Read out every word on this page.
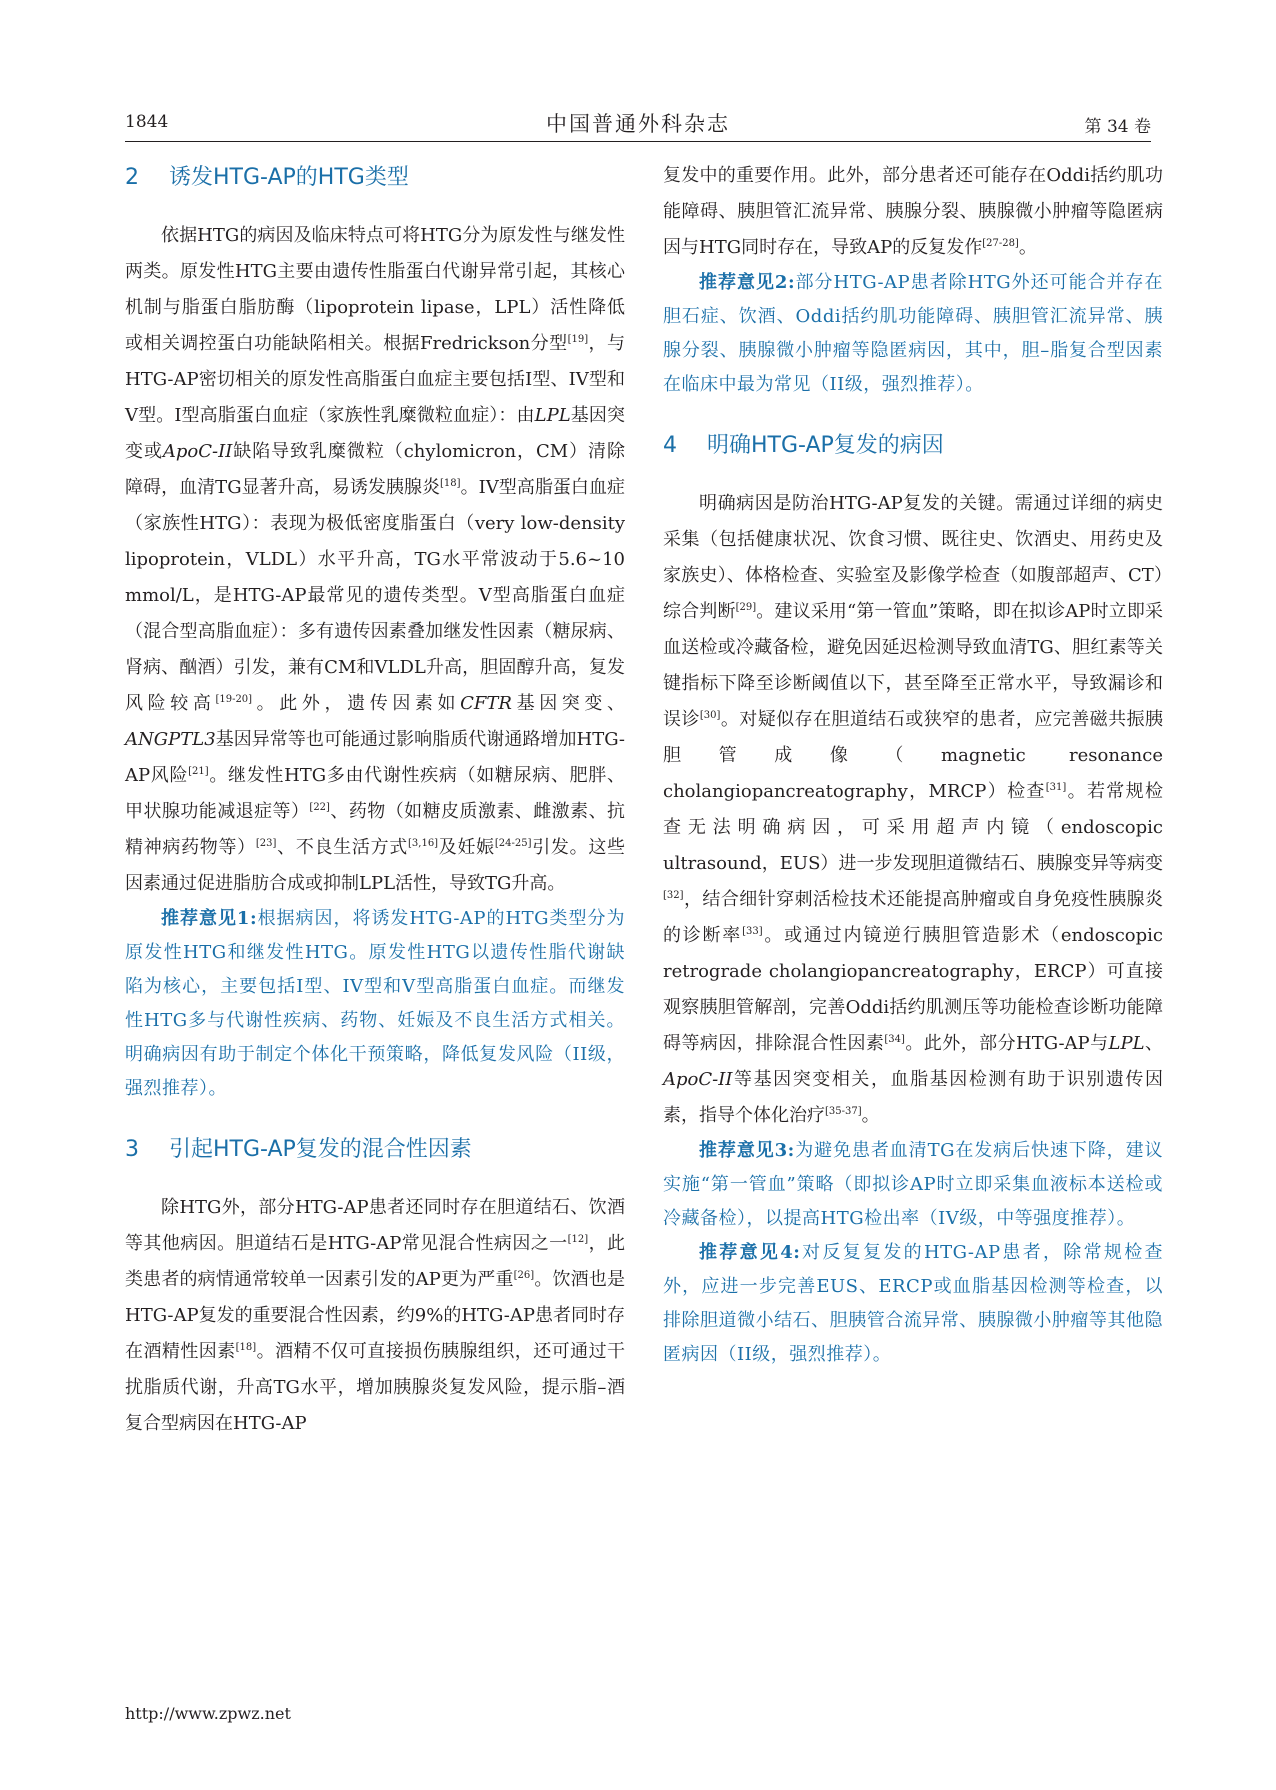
1844	中国普通外科杂志	第 34 卷
2 诱发HTG-AP的HTG类型

依据HTG的病因及临床特点可将HTG分为原发性与继发性两类。原发性HTG主要由遗传性脂蛋白代谢异常引起，其核心机制与脂蛋白脂肪酶（lipoprotein lipase，LPL）活性降低或相关调控蛋白功能缺陷相关。根据Fredrickson分型[19]，与HTG-AP密切相关的原发性高脂蛋白血症主要包括I型、IV型和V型。I型高脂蛋白血症（家族性乳糜微粒血症）：由LPL基因突变或ApoC-II缺陷导致乳糜微粒（chylomicron，CM）清除障碍，血清TG显著升高，易诱发胰腺炎[18]。IV型高脂蛋白血症（家族性HTG）：表现为极低密度脂蛋白（very low-density lipoprotein，VLDL）水平升高，TG水平常波动于5.6~10 mmol/L，是HTG-AP最常见的遗传类型。V型高脂蛋白血症（混合型高脂血症）：多有遗传因素叠加继发性因素（糖尿病、肾病、酗酒）引发，兼有CM和VLDL升高，胆固醇升高，复发风险较高[19-20]。此外，遗传因素如CFTR基因突变、ANGPTL3基因异常等也可能通过影响脂质代谢通路增加HTG-AP风险[21]。继发性HTG多由代谢性疾病（如糖尿病、肥胖、甲状腺功能减退症等）[22]、药物（如糖皮质激素、雌激素、抗精神病药物等）[23]、不良生活方式[3,16]及妊娠[24-25]引发。这些因素通过促进脂肪合成或抑制LPL活性，导致TG升高。

推荐意见1:根据病因，将诱发HTG-AP的HTG类型分为原发性HTG和继发性HTG。原发性HTG以遗传性脂代谢缺陷为核心，主要包括I型、IV型和V型高脂蛋白血症。而继发性HTG多与代谢性疾病、药物、妊娠及不良生活方式相关。明确病因有助于制定个体化干预策略，降低复发风险（II级，强烈推荐）。

3 引起HTG-AP复发的混合性因素

除HTG外，部分HTG-AP患者还同时存在胆道结石、饮酒等其他病因。胆道结石是HTG-AP常见混合性病因之一[12]，此类患者的病情通常较单一因素引发的AP更为严重[26]。饮酒也是HTG-AP复发的重要混合性因素，约9%的HTG-AP患者同时存在酒精性因素[18]。酒精不仅可直接损伤胰腺组织，还可通过干扰脂质代谢，升高TG水平，增加胰腺炎复发风险，提示脂–酒复合型病因在HTG-AP

复发中的重要作用。此外，部分患者还可能存在Oddi括约肌功能障碍、胰胆管汇流异常、胰腺分裂、胰腺微小肿瘤等隐匿病因与HTG同时存在，导致AP的反复发作[27-28]。

推荐意见2:部分HTG-AP患者除HTG外还可能合并存在胆石症、饮酒、Oddi括约肌功能障碍、胰胆管汇流异常、胰腺分裂、胰腺微小肿瘤等隐匿病因，其中，胆–脂复合型因素在临床中最为常见（II级，强烈推荐）。

4 明确HTG-AP复发的病因

明确病因是防治HTG-AP复发的关键。需通过详细的病史采集（包括健康状况、饮食习惯、既往史、饮酒史、用药史及家族史）、体格检查、实验室及影像学检查（如腹部超声、CT）综合判断[29]。建议采用“第一管血”策略，即在拟诊AP时立即采血送检或冷藏备检，避免因延迟检测导致血清TG、胆红素等关键指标下降至诊断阈值以下，甚至降至正常水平，导致漏诊和误诊[30]。对疑似存在胆道结石或狭窄的患者，应完善磁共振胰胆管成像（magnetic resonance cholangiopancreatography，MRCP）检查[31]。若常规检查无法明确病因，可采用超声内镜（endoscopic ultrasound，EUS）进一步发现胆道微结石、胰腺变异等病变[32]，结合细针穿刺活检技术还能提高肿瘤或自身免疫性胰腺炎的诊断率[33]。或通过内镜逆行胰胆管造影术（endoscopic retrograde cholangiopancreatography，ERCP）可直接观察胰胆管解剖，完善Oddi括约肌测压等功能检查诊断功能障碍等病因，排除混合性因素[34]。此外，部分HTG-AP与LPL、ApoC-II等基因突变相关，血脂基因检测有助于识别遗传因素，指导个体化治疗[35-37]。

推荐意见3:为避免患者血清TG在发病后快速下降，建议实施“第一管血”策略（即拟诊AP时立即采集血液标本送检或冷藏备检），以提高HTG检出率（IV级，中等强度推荐）。

推荐意见4:对反复复发的HTG-AP患者，除常规检查外，应进一步完善EUS、ERCP或血脂基因检测等检查，以排除胆道微小结石、胆胰管合流异常、胰腺微小肿瘤等其他隐匿病因（II级，强烈推荐）。

http://www.zpwz.net
